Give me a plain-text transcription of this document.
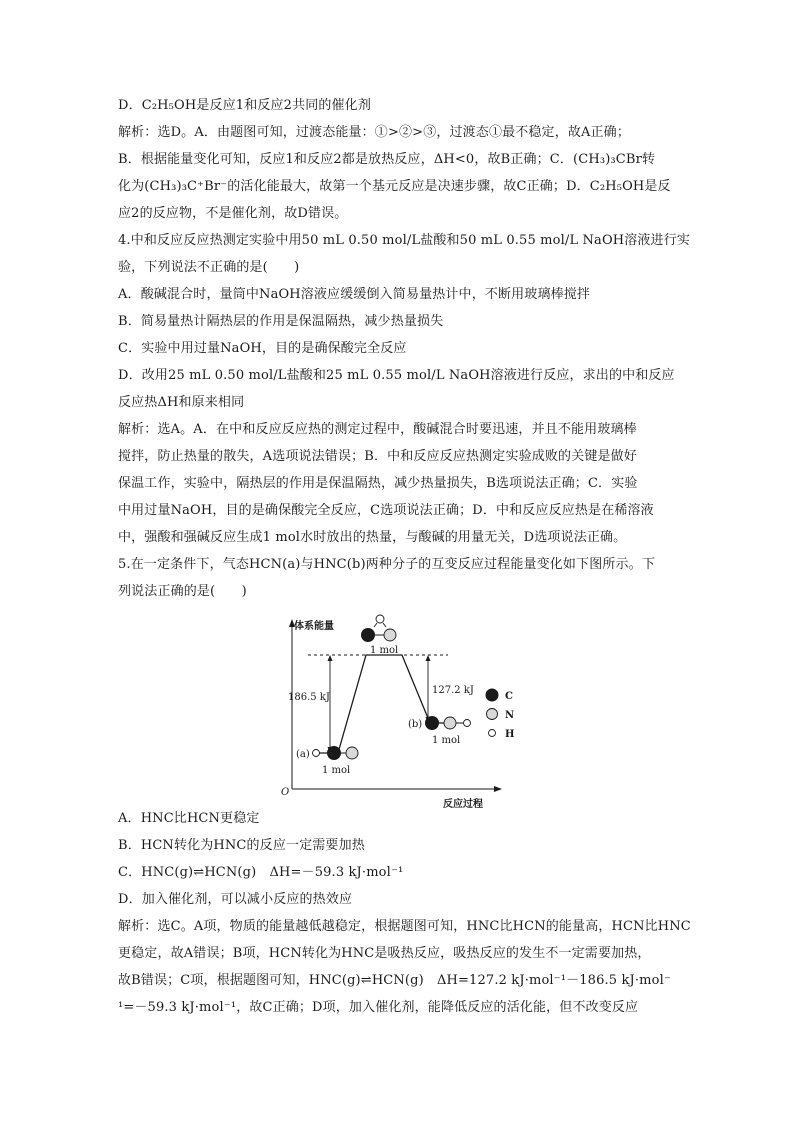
D．C₂H₅OH是反应1和反应2共同的催化剂
解析：选D。A．由题图可知，过渡态能量：①>②>③，过渡态①最不稳定，故A正确；
B．根据能量变化可知，反应1和反应2都是放热反应，ΔH<0，故B正确；C．(CH₃)₃CBr转
化为(CH₃)₃C⁺Br⁻的活化能最大，故第一个基元反应是决速步骤，故C正确；D．C₂H₅OH是反
应2的反应物，不是催化剂，故D错误。
4.中和反应反应热测定实验中用50 mL 0.50 mol/L盐酸和50 mL 0.55 mol/L NaOH溶液进行实
验，下列说法不正确的是(　　)
A．酸碱混合时，量筒中NaOH溶液应缓缓倒入简易量热计中，不断用玻璃棒搅拌
B．简易量热计隔热层的作用是保温隔热，减少热量损失
C．实验中用过量NaOH，目的是确保酸完全反应
D．改用25 mL 0.50 mol/L盐酸和25 mL 0.55 mol/L NaOH溶液进行反应，求出的中和反应
反应热ΔH和原来相同
解析：选A。A．在中和反应反应热的测定过程中，酸碱混合时要迅速，并且不能用玻璃棒
搅拌，防止热量的散失，A选项说法错误；B．中和反应反应热测定实验成败的关键是做好
保温工作，实验中，隔热层的作用是保温隔热，减少热量损失，B选项说法正确；C．实验
中用过量NaOH，目的是确保酸完全反应，C选项说法正确；D．中和反应反应热是在稀溶液
中，强酸和强碱反应生成1 mol水时放出的热量，与酸碱的用量无关，D选项说法正确。
5.在一定条件下，气态HCN(a)与HNC(b)两种分子的互变反应过程能量变化如下图所示。下
列说法正确的是(　　)
体系能量
反应过程
O
186.5 kJ
127.2 kJ
1 mol
(a)
1 mol
(b)
1 mol
C
N
H
A．HNC比HCN更稳定
B．HCN转化为HNC的反应一定需要加热
C．HNC(g)⇌HCN(g)　ΔH=－59.3 kJ·mol⁻¹
D．加入催化剂，可以减小反应的热效应
解析：选C。A项，物质的能量越低越稳定，根据题图可知，HNC比HCN的能量高，HCN比HNC
更稳定，故A错误；B项，HCN转化为HNC是吸热反应，吸热反应的发生不一定需要加热，
故B错误；C项，根据题图可知，HNC(g)⇌HCN(g)　ΔH=127.2 kJ·mol⁻¹－186.5 kJ·mol⁻
¹=－59.3 kJ·mol⁻¹，故C正确；D项，加入催化剂，能降低反应的活化能，但不改变反应
